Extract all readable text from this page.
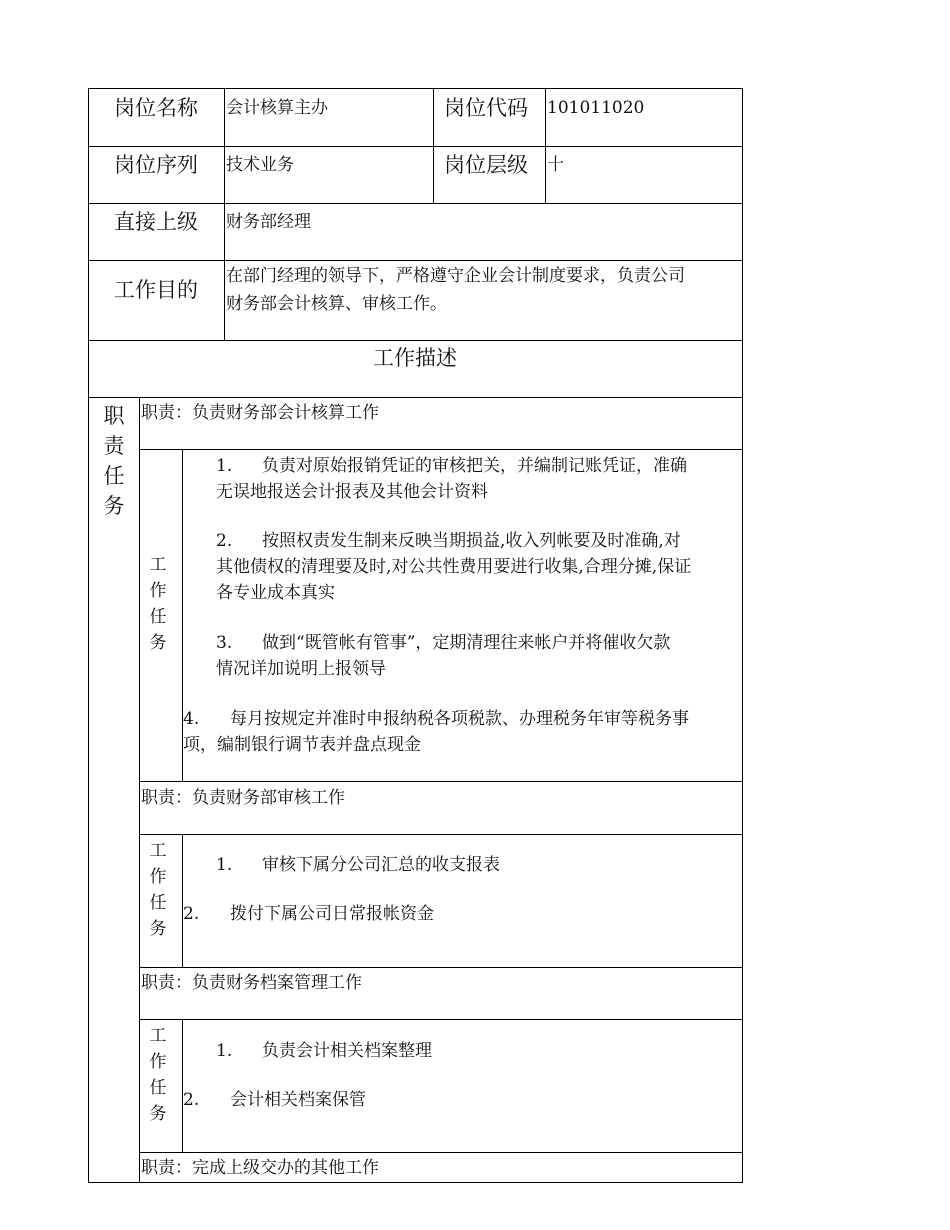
岗位名称 会计核算主办	岗位代码 101011020
岗位序列 技术业务	岗位层级 十
直接上级 财务部经理
工作目的
在部门经理的领导下，严格遵守企业会计制度要求，负责公司
财务部会计核算、审核工作。
工作描述
职
责
任
务
职责：负责财务部会计核算工作
工
作
任
务
1. 负责对原始报销凭证的审核把关，并编制记账凭证，准确
无误地报送会计报表及其他会计资料
2. 按照权责发生制来反映当期损益,收入列帐要及时准确,对
其他债权的清理要及时,对公共性费用要进行收集,合理分摊,保证
各专业成本真实
3. 做到“既管帐有管事”，定期清理往来帐户并将催收欠款
情况详加说明上报领导
4. 每月按规定并准时申报纳税各项税款、办理税务年审等税务事
项，编制银行调节表并盘点现金
职责：负责财务部审核工作
工
作
任
务
1. 审核下属分公司汇总的收支报表
2. 拨付下属公司日常报帐资金
职责：负责财务档案管理工作
工
作
任
务
1. 负责会计相关档案整理
2. 会计相关档案保管
职责：完成上级交办的其他工作
